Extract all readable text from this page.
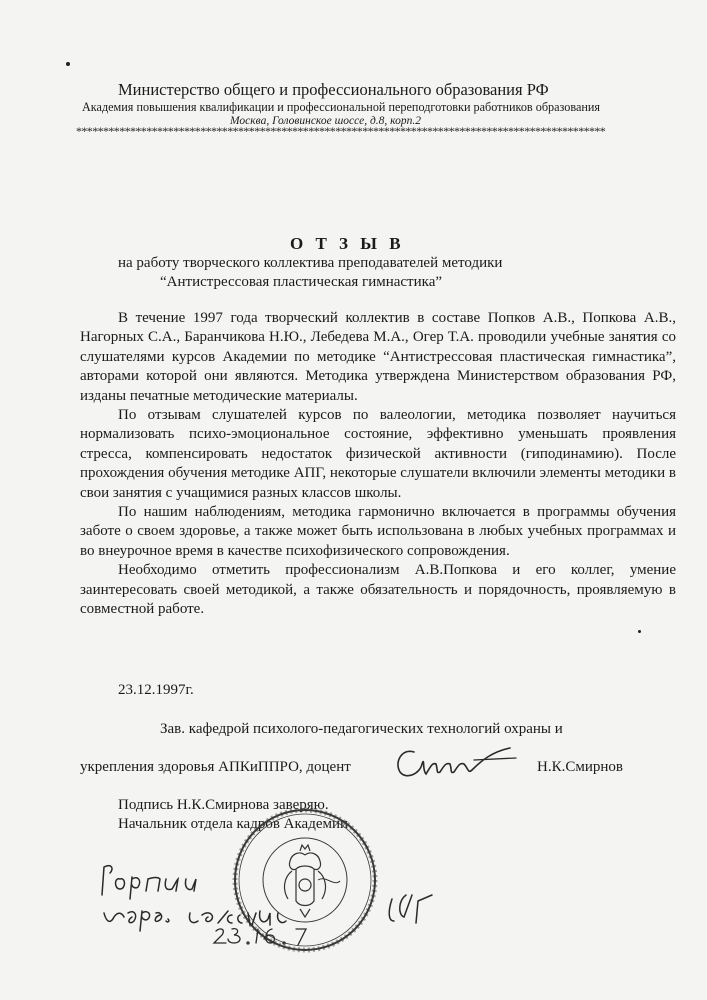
Министерство общего и профессионального образования РФ
Академия повышения квалификации и профессиональной переподготовки работников образования
Москва, Головинское шоссе, д.8, корп.2
**************************************************************************************************
О Т З Ы В
на работу творческого коллектива преподавателей методики
“Антистрессовая пластическая гимнастика”

В течение 1997 года творческий коллектив в составе Попков А.В., Попкова А.В., Нагорных С.А., Баранчикова Н.Ю., Лебедева М.А., Огер Т.А. проводили учебные занятия со слушателями курсов Академии по методике “Антистрессовая пластическая гимнастика”, авторами которой они являются. Методика утверждена Министерством образования РФ, изданы печатные методические материалы.

По отзывам слушателей курсов по валеологии, методика позволяет научиться нормализовать психо-эмоциональное состояние, эффективно уменьшать проявления стресса, компенсировать недостаток физической активности (гиподинамию). После прохождения обучения методике АПГ, некоторые слушатели включили элементы методики в свои занятия с учащимися разных классов школы.

По нашим наблюдениям, методика гармонично включается в программы обучения заботе о своем здоровье, а также может быть использована в любых учебных программах и во внеурочное время в качестве психофизического сопровождения.

Необходимо отметить профессионализм А.В.Попкова и его коллег, умение заинтересовать своей методикой, а также обязательность и порядочность, проявляемую в совместной работе.

23.12.1997г.
Зав. кафедрой психолого-педагогических технологий охраны и
укрепления здоровья АПКиППРО, доцент	Н.К.Смирнов
Подпись Н.К.Смирнова заверяю.
Начальник отдела кадров Академии
